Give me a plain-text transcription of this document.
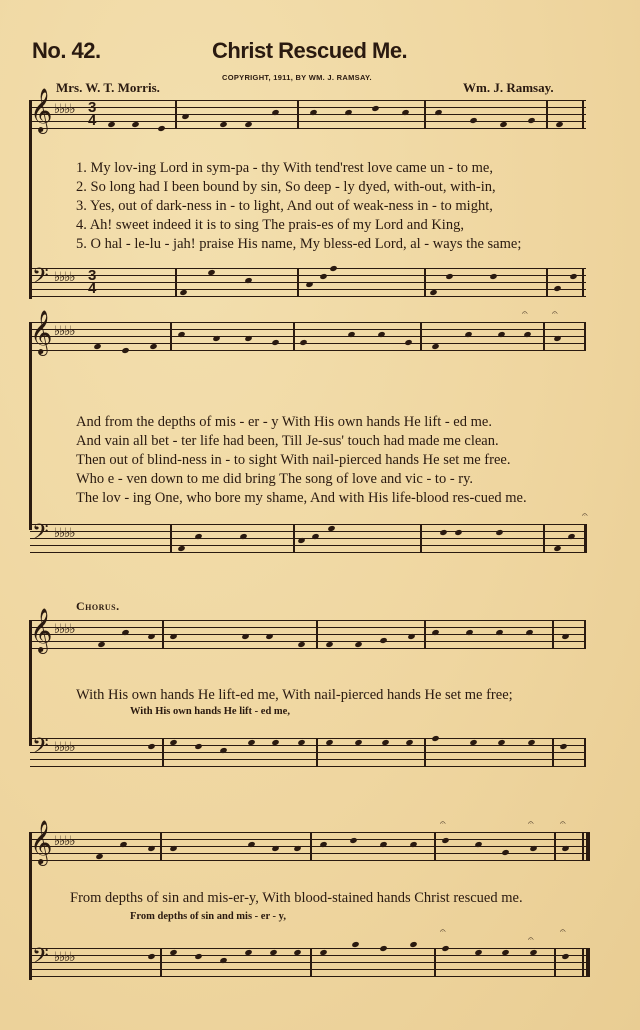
No. 42.	Christ Rescued Me.
COPYRIGHT, 1911, BY WM. J. RAMSAY.
Mrs. W. T. Morris.	Wm. J. Ramsay.
𝄞 ♭♭♭♭ 3
4
1. My lov-ing Lord in sym-pa - thy With tend'rest love came un - to me,
2. So long had I been bound by sin, So deep - ly dyed, with-out, with-in,
3. Yes, out of dark-ness in - to light, And out of weak-ness in - to might,
4. Ah! sweet indeed it is to sing The prais-es of my Lord and King,
5. O hal - le-lu - jah! praise His name, My bless-ed Lord, al - ways the same;
𝄢 ♭♭♭♭ 3
4
𝄞 ♭♭♭♭
𝄐 𝄐
And from the depths of mis - er - y With His own hands He lift - ed me.
And vain all bet - ter life had been, Till Je-sus' touch had made me clean.
Then out of blind-ness in - to sight With nail-pierced hands He set me free.
Who e - ven down to me did bring The song of love and vic - to - ry.
The lov - ing One, who bore my shame, And with His life-blood res-cued me.
𝄢 ♭♭♭♭
𝄐
Chorus.
𝄞 ♭♭♭♭
With His own hands He lift-ed me, With nail-pierced hands He set me free;
With His own hands He lift - ed me,
𝄢 ♭♭♭♭
𝄞 ♭♭♭♭
𝄐	𝄐	𝄐
From depths of sin and mis-er-y, With blood-stained hands Christ rescued me.
From depths of sin and mis - er - y,
𝄢 ♭♭♭♭
𝄐
𝄐
𝄐
